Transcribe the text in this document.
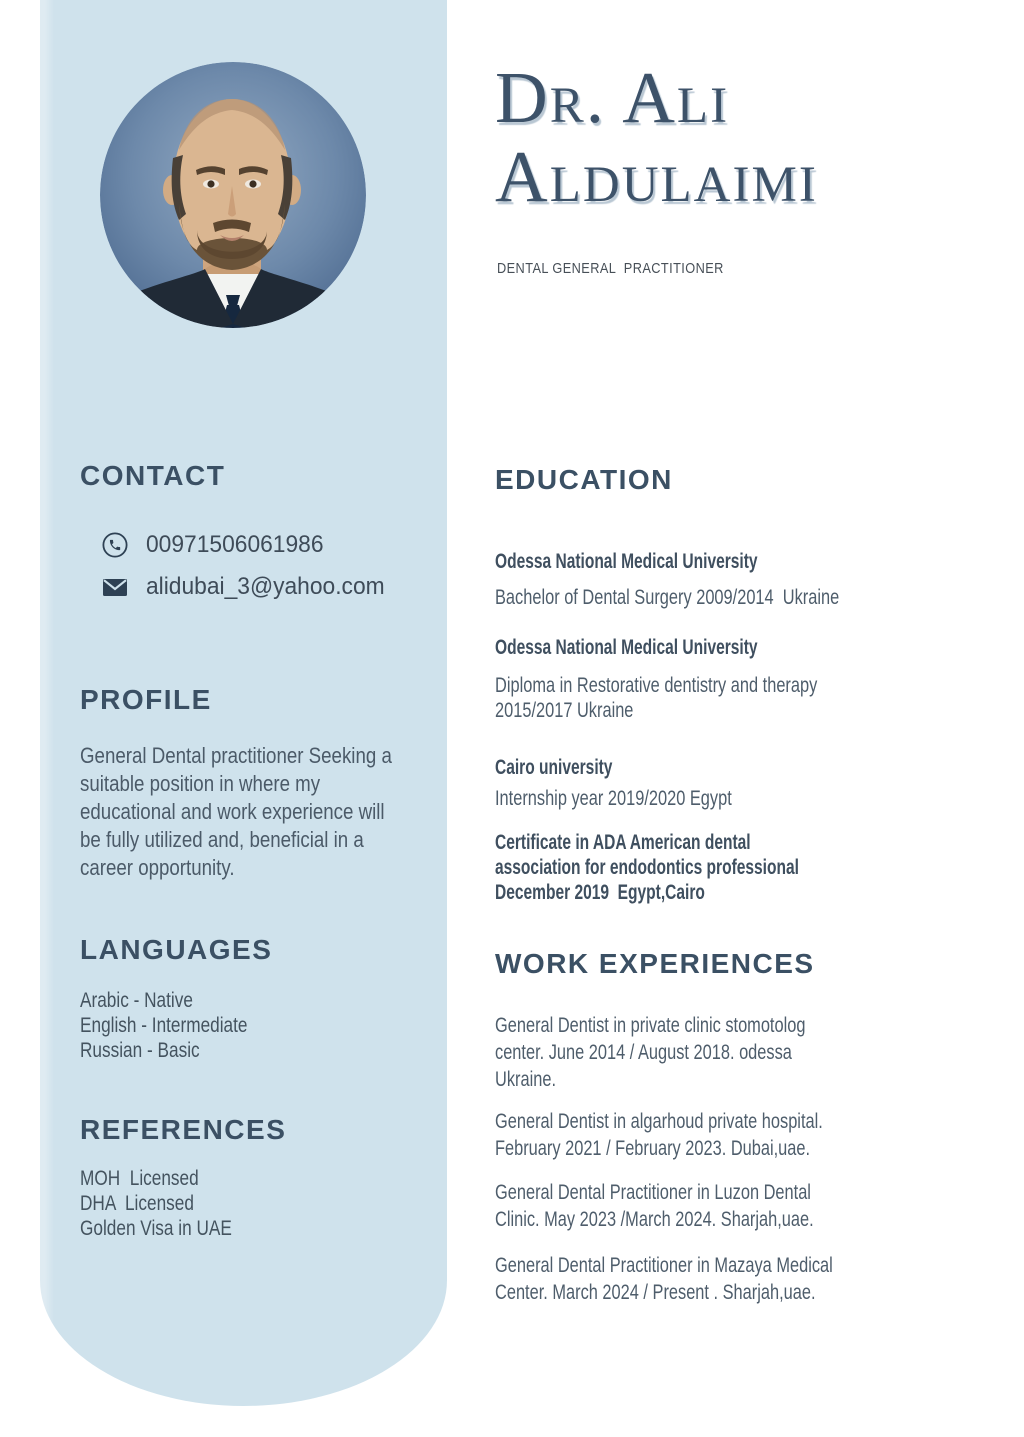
CONTACT
00971506061986
alidubai_3@yahoo.com
PROFILE
General Dental practitioner Seeking a
suitable position in where my
educational and work experience will
be fully utilized and, beneficial in a
career opportunity.
LANGUAGES
Arabic - Native
English - Intermediate
Russian - Basic
REFERENCES
MOH  Licensed
DHA  Licensed
Golden Visa in UAE
Dr. Ali
Aldulaimi
DENTAL GENERAL  PRACTITIONER
EDUCATION
Odessa National Medical University
Bachelor of Dental Surgery 2009/2014  Ukraine
Odessa National Medical University
Diploma in Restorative dentistry and therapy
2015/2017 Ukraine
Cairo university
Internship year 2019/2020 Egypt
Certificate in ADA American dental
association for endodontics professional
December 2019  Egypt,Cairo
WORK EXPERIENCES
General Dentist in private clinic stomotolog
center. June 2014 / August 2018. odessa
Ukraine.
General Dentist in algarhoud private hospital.
February 2021 / February 2023. Dubai,uae.
General Dental Practitioner in Luzon Dental
Clinic. May 2023 /March 2024. Sharjah,uae.
General Dental Practitioner in Mazaya Medical
Center. March 2024 / Present . Sharjah,uae.
